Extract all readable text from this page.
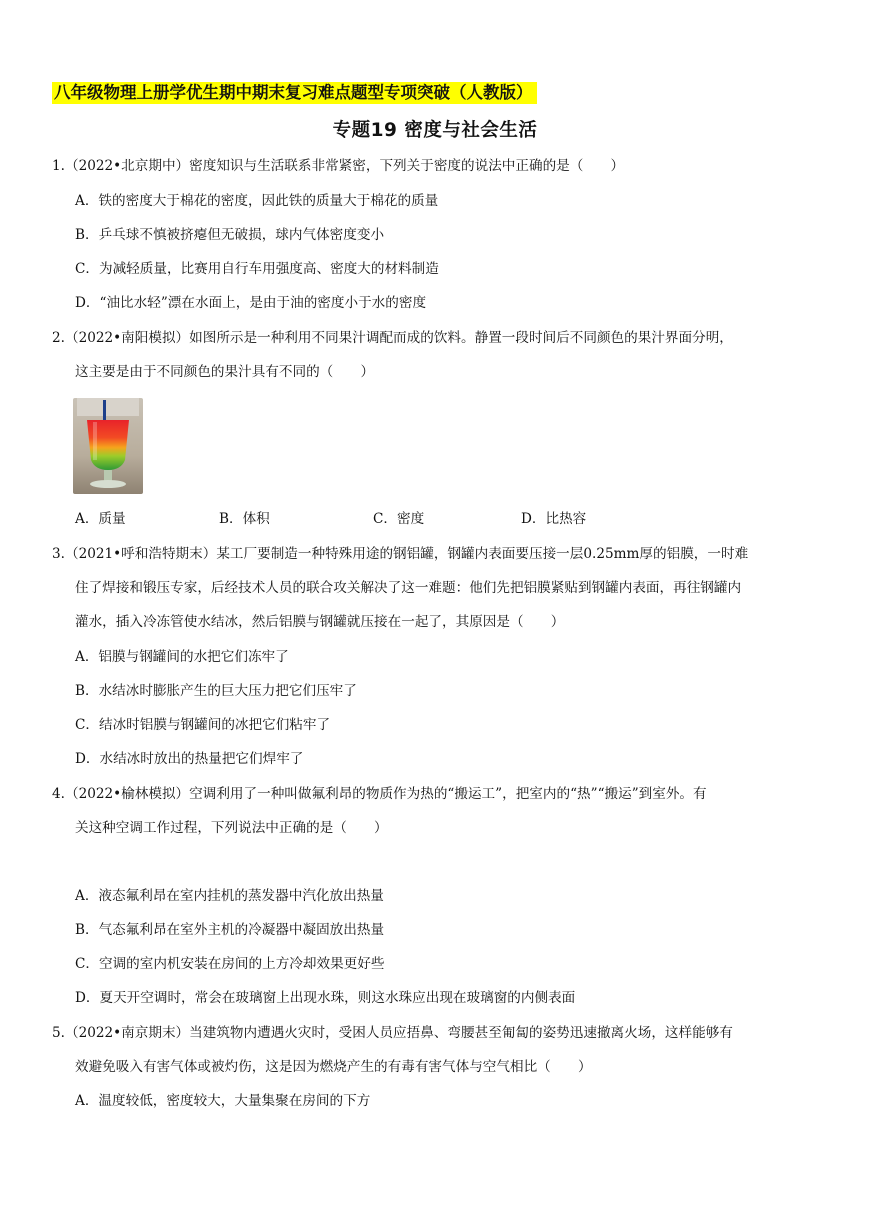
八年级物理上册学优生期中期末复习难点题型专项突破（人教版）
专题19 密度与社会生活
1.（2022•北京期中）密度知识与生活联系非常紧密，下列关于密度的说法中正确的是（　　）
A．铁的密度大于棉花的密度，因此铁的质量大于棉花的质量
B．乒乓球不慎被挤瘪但无破损，球内气体密度变小
C．为减轻质量，比赛用自行车用强度高、密度大的材料制造
D．“油比水轻”漂在水面上，是由于油的密度小于水的密度
2.（2022•南阳模拟）如图所示是一种利用不同果汁调配而成的饮料。静置一段时间后不同颜色的果汁界面分明，
这主要是由于不同颜色的果汁具有不同的（　　）
A．质量	B．体积	C．密度	D．比热容
3.（2021•呼和浩特期末）某工厂要制造一种特殊用途的钢铝罐，钢罐内表面要压接一层0.25mm厚的铝膜，一时难
住了焊接和锻压专家，后经技术人员的联合攻关解决了这一难题：他们先把铝膜紧贴到钢罐内表面，再往钢罐内
灌水，插入冷冻管使水结冰，然后铝膜与钢罐就压接在一起了，其原因是（　　）
A．铝膜与钢罐间的水把它们冻牢了
B．水结冰时膨胀产生的巨大压力把它们压牢了
C．结冰时铝膜与钢罐间的冰把它们粘牢了
D．水结冰时放出的热量把它们焊牢了
4.（2022•榆林模拟）空调利用了一种叫做氟利昂的物质作为热的“搬运工”，把室内的“热”“搬运”到室外。有
关这种空调工作过程，下列说法中正确的是（　　）
A．液态氟利昂在室内挂机的蒸发器中汽化放出热量
B．气态氟利昂在室外主机的冷凝器中凝固放出热量
C．空调的室内机安装在房间的上方冷却效果更好些
D．夏天开空调时，常会在玻璃窗上出现水珠，则这水珠应出现在玻璃窗的内侧表面
5.（2022•南京期末）当建筑物内遭遇火灾时，受困人员应捂鼻、弯腰甚至匍匐的姿势迅速撤离火场，这样能够有
效避免吸入有害气体或被灼伤，这是因为燃烧产生的有毒有害气体与空气相比（　　）
A．温度较低，密度较大，大量集聚在房间的下方
